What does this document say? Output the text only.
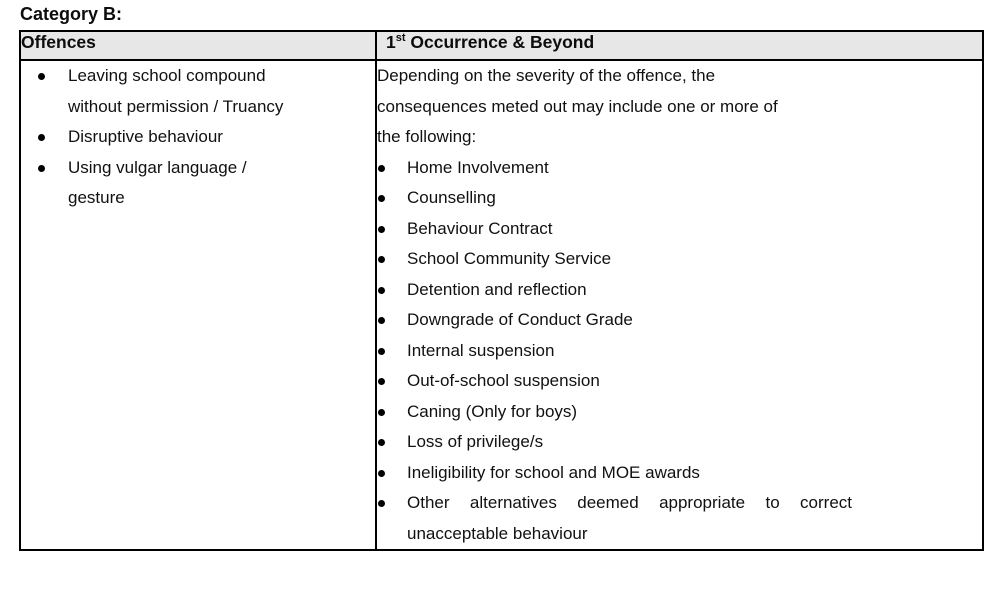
Category B:
Offences	1st Occurrence & Beyond

Leaving school compound without permission / Truancy
Disruptive behaviour
Using vulgar language / gesture

Depending on the severity of the offence, the consequences meted out may include one or more of the following:

Home Involvement
Counselling
Behaviour Contract
School Community Service
Detention and reflection
Downgrade of Conduct Grade
Internal suspension
Out-of-school suspension
Caning (Only for boys)
Loss of privilege/s
Ineligibility for school and MOE awards
Other alternatives deemed appropriate to correct unacceptable behaviour
